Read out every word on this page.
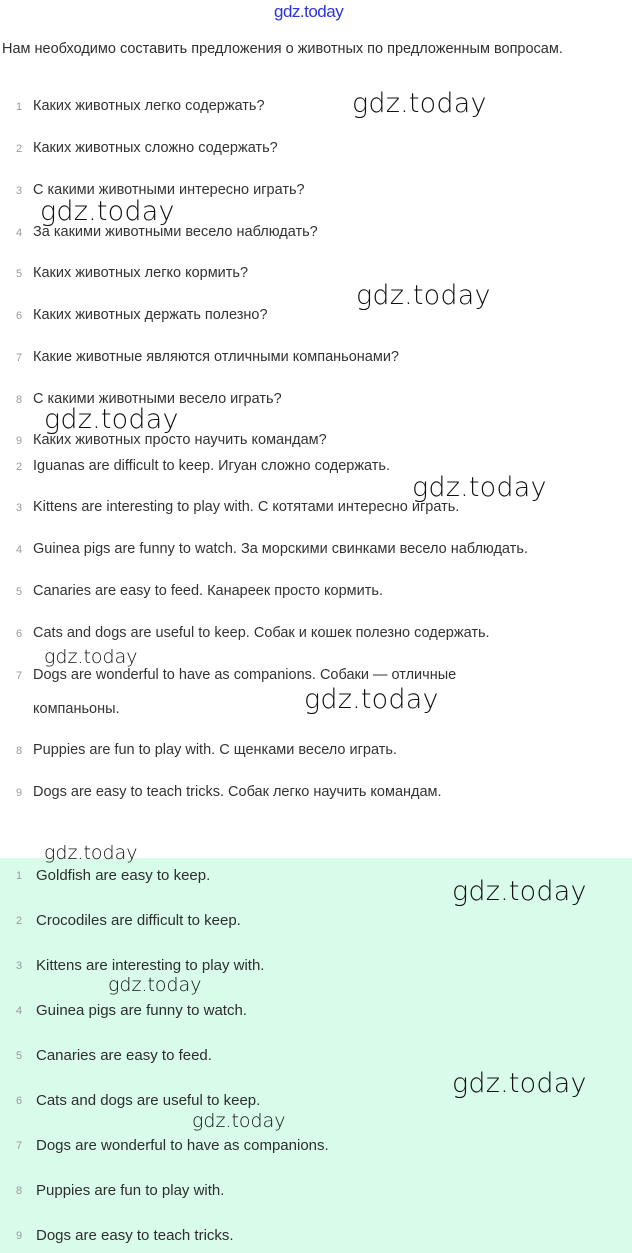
gdz.today
Нам необходимо составить предложения о животных по предложенным вопросам.
1 Каких животных легко содержать?
2 Каких животных сложно содержать?
3 С какими животными интересно играть?
4 За какими животными весело наблюдать?
5 Каких животных легко кормить?
6 Каких животных держать полезно?
7 Какие животные являются отличными компаньонами?
8 С какими животными весело играть?
9 Каких животных просто научить командам?
2 Iguanas are difficult to keep. Игуан сложно содержать.
3 Kittens are interesting to play with. С котятами интересно играть.
4 Guinea pigs are funny to watch. За морскими свинками весело наблюдать.
5 Canaries are easy to feed. Канареек просто кормить.
6 Cats and dogs are useful to keep. Собак и кошек полезно содержать.
7 Dogs are wonderful to have as companions. Собаки — отличные
компаньоны.
8 Puppies are fun to play with. С щенками весело играть.
9 Dogs are easy to teach tricks. Собак легко научить командам.
1 Goldfish are easy to keep.
2 Crocodiles are difficult to keep.
3 Kittens are interesting to play with.
4 Guinea pigs are funny to watch.
5 Canaries are easy to feed.
6 Cats and dogs are useful to keep.
7 Dogs are wonderful to have as companions.
8 Puppies are fun to play with.
9 Dogs are easy to teach tricks.
gdz.today
gdz.today
gdz.today
gdz.today
gdz.today
gdz.today
gdz.today
gdz.today
gdz.today
gdz.today
gdz.today
gdz.today
